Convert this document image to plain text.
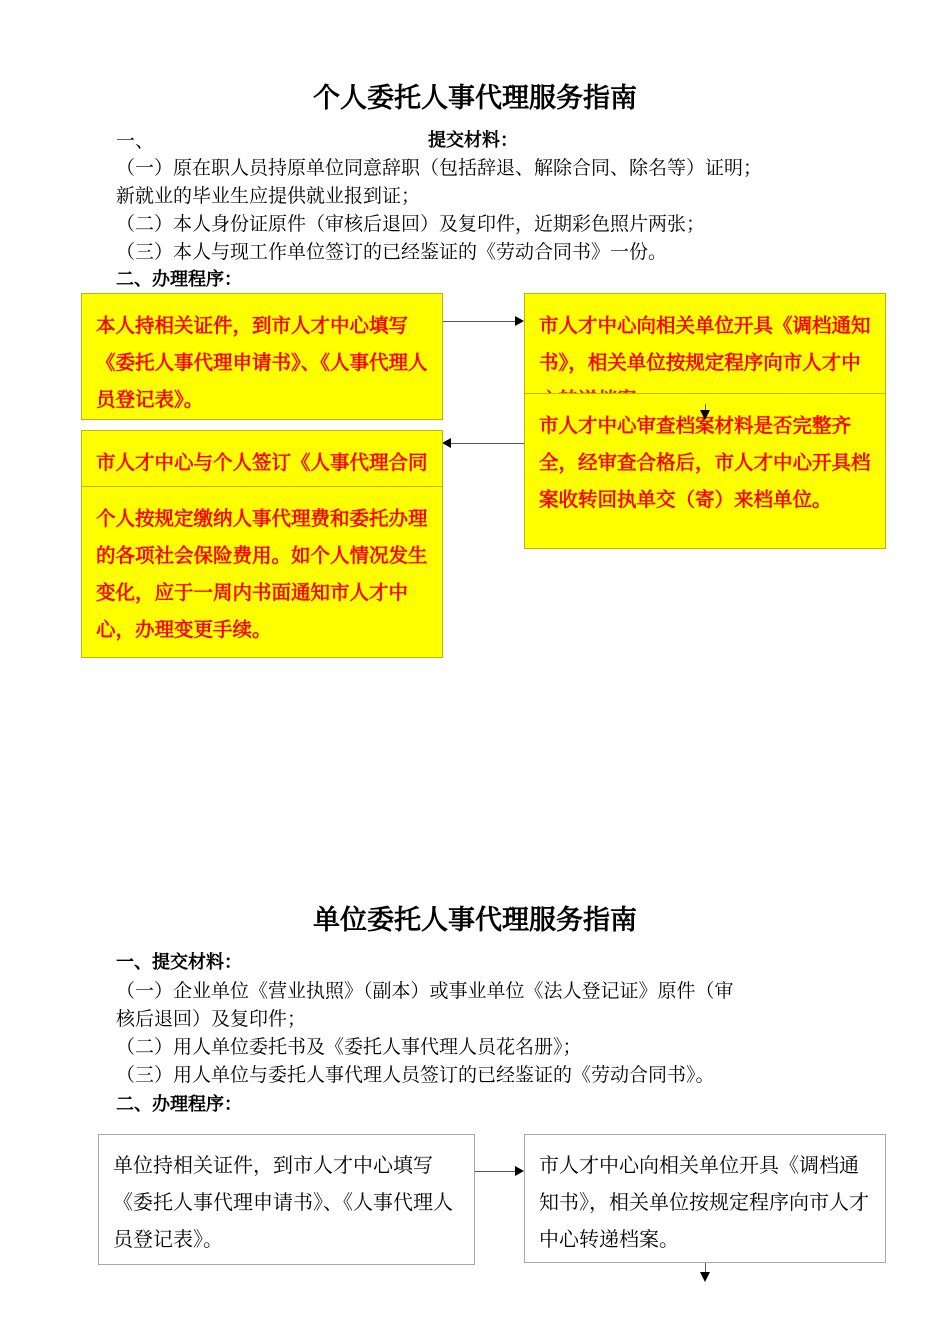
个人委托人事代理服务指南
一、	提交材料：
（一）原在职人员持原单位同意辞职（包括辞退、解除合同、除名等）证明；
新就业的毕业生应提供就业报到证；
（二）本人身份证原件（审核后退回）及复印件，近期彩色照片两张；
（三）本人与现工作单位签订的已经鉴证的《劳动合同书》一份。
二、办理程序：
本人持相关证件，到市人才中心填写《委托人事代理申请书》、《人事代理人员登记表》。
市人才中心向相关单位开具《调档通知书》，相关单位按规定程序向市人才中
市人才中心审查档案材料是否完整齐全，经审查合格后，市人才中心开具档案收转回执单交（寄）来档单位。
市人才中心与个人签订《人事代理合同
个人按规定缴纳人事代理费和委托办理的各项社会保险费用。如个人情况发生变化，应于一周内书面通知市人才中心，办理变更手续。
单位委托人事代理服务指南
一、提交材料：
（一）企业单位《营业执照》（副本）或事业单位《法人登记证》原件（审
核后退回）及复印件；
（二）用人单位委托书及《委托人事代理人员花名册》；
（三）用人单位与委托人事代理人员签订的已经鉴证的《劳动合同书》。
二、办理程序：
单位持相关证件，到市人才中心填写《委托人事代理申请书》、《人事代理人员登记表》。
市人才中心向相关单位开具《调档通知书》，相关单位按规定程序向市人才中心转递档案。
